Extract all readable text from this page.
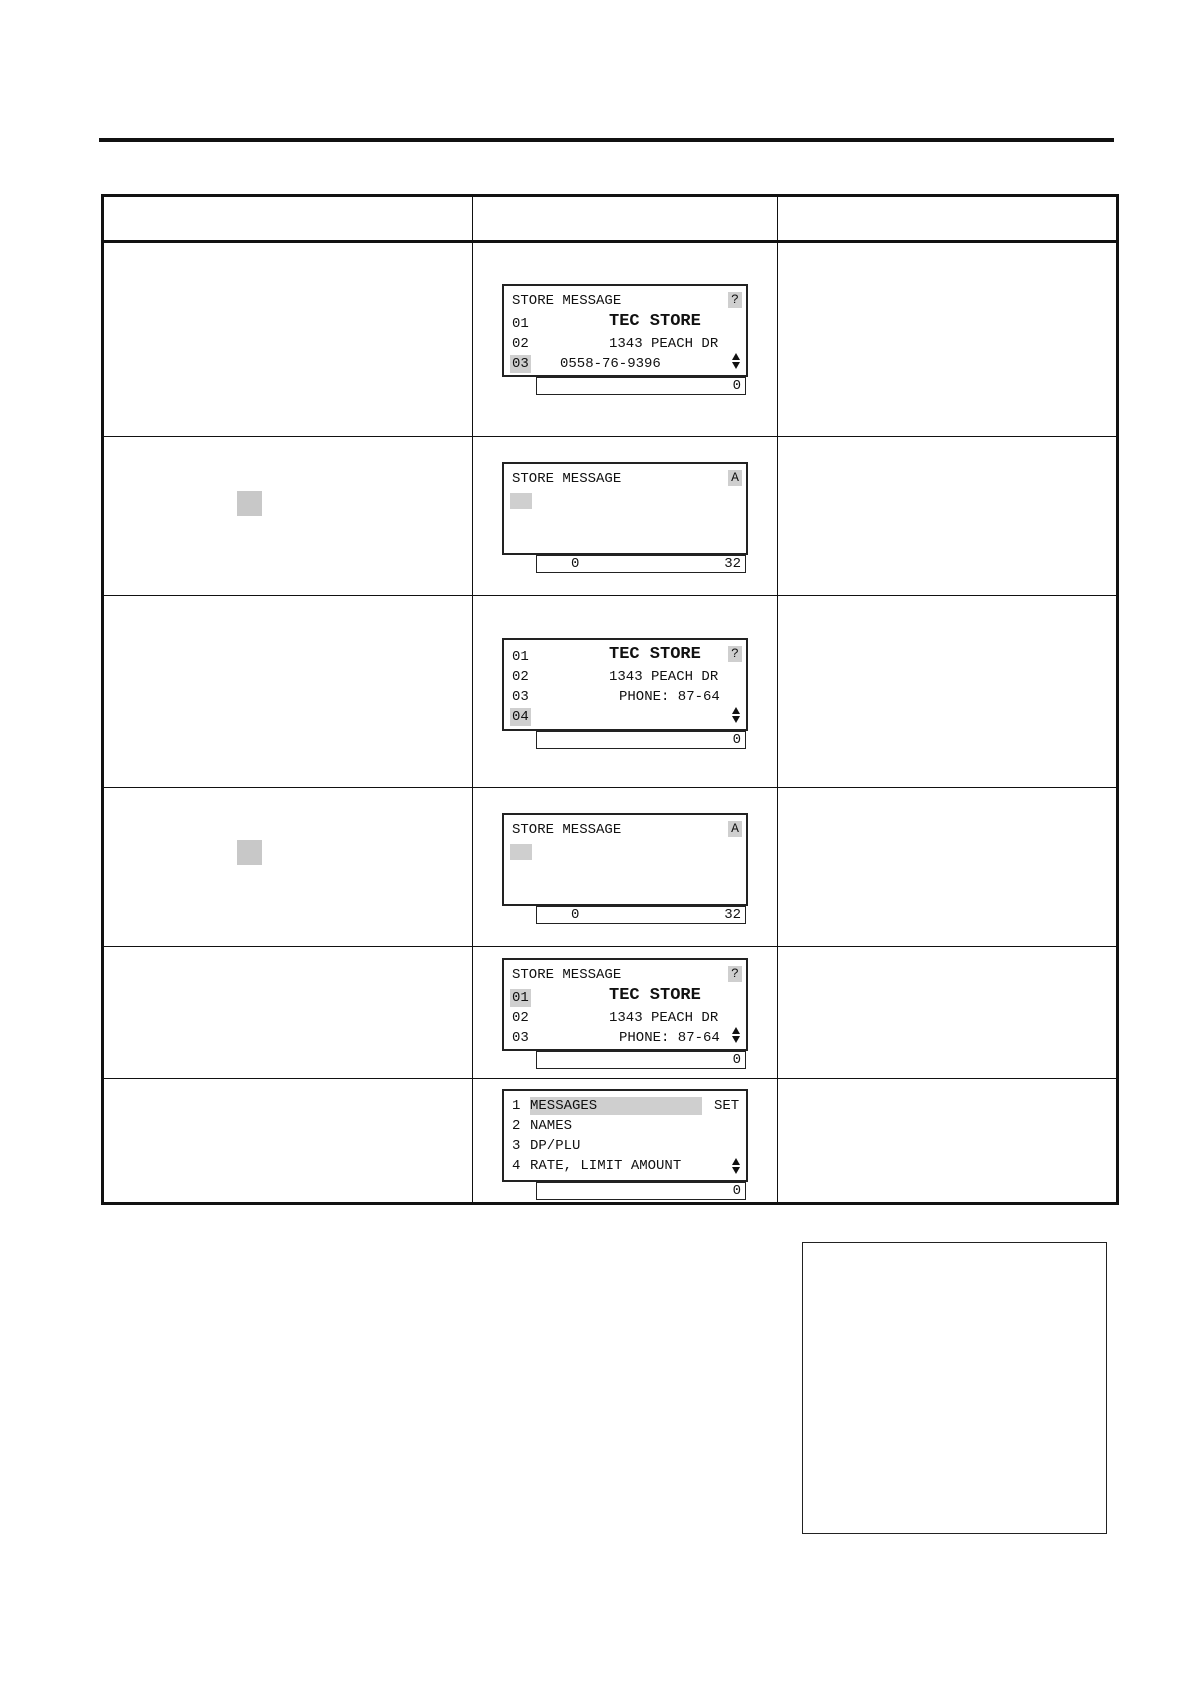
STORE MESSAGE	?
01	TEC STORE
02	1343 PEACH DR
03 0558-76-9396
0
STORE MESSAGE	A
0	32
?
01	TEC STORE
02	1343 PEACH DR
03	PHONE: 87-64
04
0
STORE MESSAGE	A
0	32
STORE MESSAGE	?
01	TEC STORE
02	1343 PEACH DR
03	PHONE: 87-64
0
1 MESSAGES	SET
2 NAMES
3 DP/PLU
4 RATE, LIMIT AMOUNT
0
